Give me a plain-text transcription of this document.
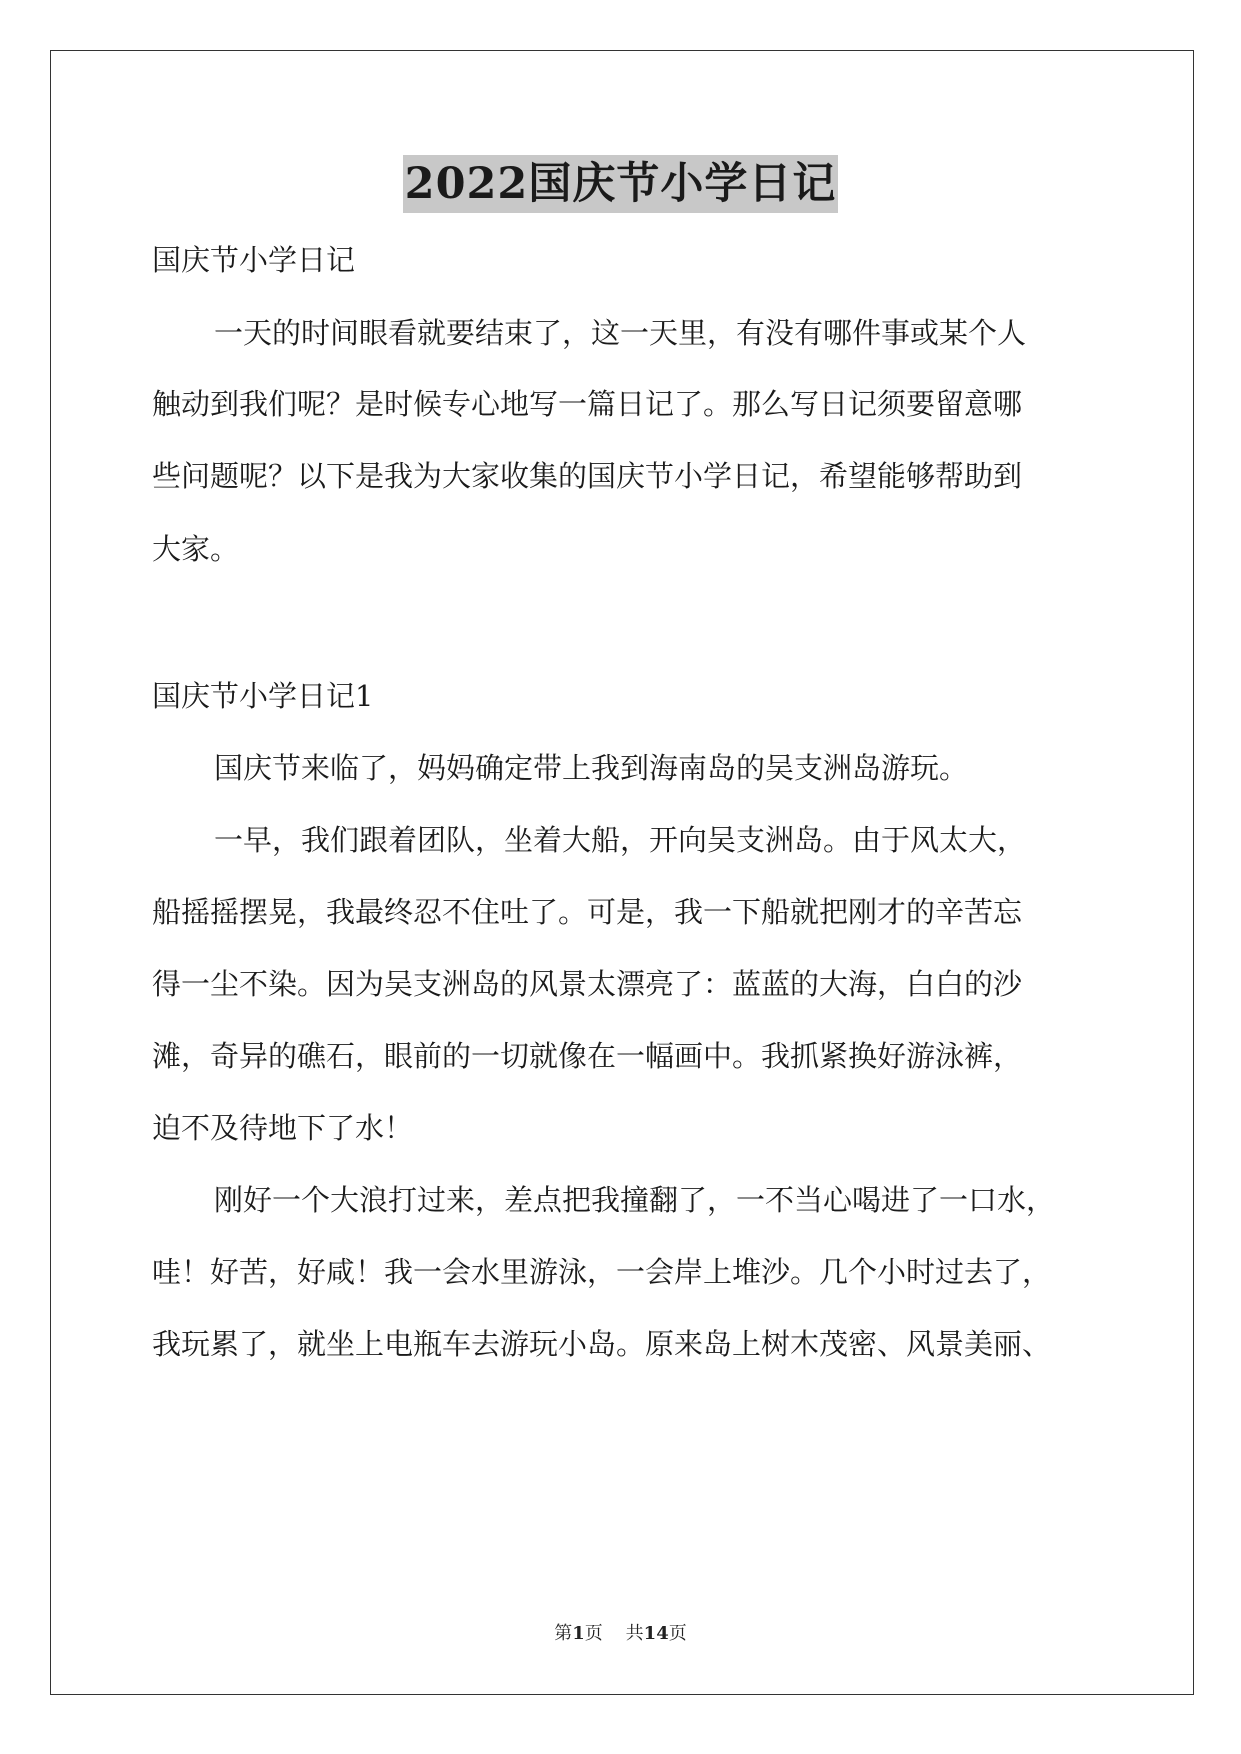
2022国庆节小学日记
国庆节小学日记
一天的时间眼看就要结束了，这一天里，有没有哪件事或某个人
触动到我们呢？是时候专心地写一篇日记了。那么写日记须要留意哪
些问题呢？以下是我为大家收集的国庆节小学日记，希望能够帮助到
大家。
国庆节小学日记1
国庆节来临了，妈妈确定带上我到海南岛的吴支洲岛游玩。
一早，我们跟着团队，坐着大船，开向吴支洲岛。由于风太大，
船摇摇摆晃，我最终忍不住吐了。可是，我一下船就把刚才的辛苦忘
得一尘不染。因为吴支洲岛的风景太漂亮了：蓝蓝的大海，白白的沙
滩，奇异的礁石，眼前的一切就像在一幅画中。我抓紧换好游泳裤，
迫不及待地下了水！
刚好一个大浪打过来，差点把我撞翻了，一不当心喝进了一口水，
哇！好苦，好咸！我一会水里游泳，一会岸上堆沙。几个小时过去了，
我玩累了，就坐上电瓶车去游玩小岛。原来岛上树木茂密、风景美丽、
第1页 共14页
